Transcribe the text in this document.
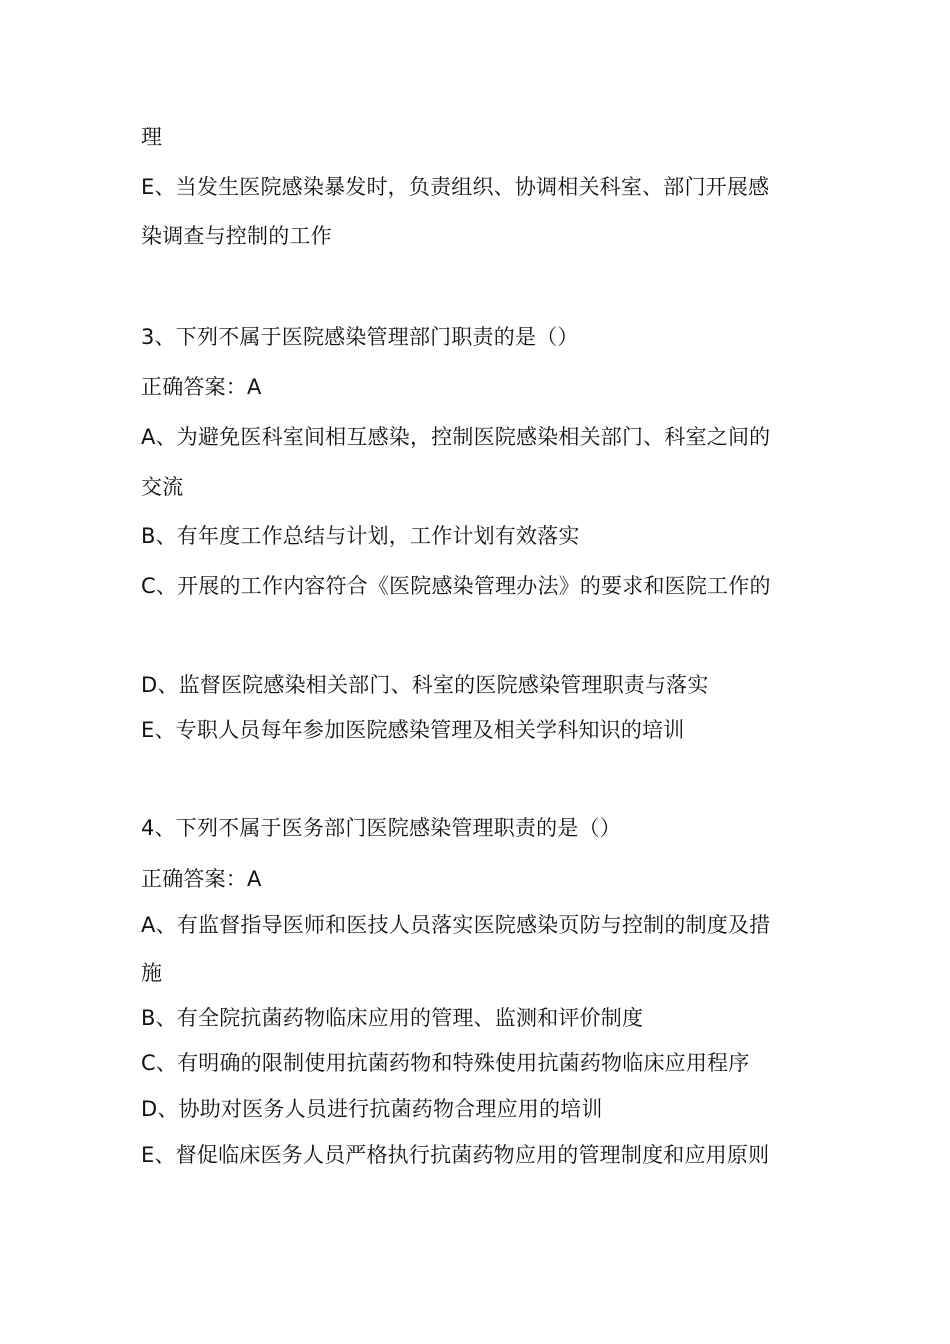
理
E、当发生医院感染暴发时，负责组织、协调相关科室、部门开展感
染调查与控制的工作
3、下列不属于医院感染管理部门职责的是（）
正确答案：A
A、为避免医科室间相互感染，控制医院感染相关部门、科室之间的
交流
B、有年度工作总结与计划，工作计划有效落实
C、开展的工作内容符合《医院感染管理办法》的要求和医院工作的
D、监督医院感染相关部门、科室的医院感染管理职责与落实
E、专职人员每年参加医院感染管理及相关学科知识的培训
4、下列不属于医务部门医院感染管理职责的是（）
正确答案：A
A、有监督指导医师和医技人员落实医院感染页防与控制的制度及措
施
B、有全院抗菌药物临床应用的管理、监测和评价制度
C、有明确的限制使用抗菌药物和特殊使用抗菌药物临床应用程序
D、协助对医务人员进行抗菌药物合理应用的培训
E、督促临床医务人员严格执行抗菌药物应用的管理制度和应用原则
